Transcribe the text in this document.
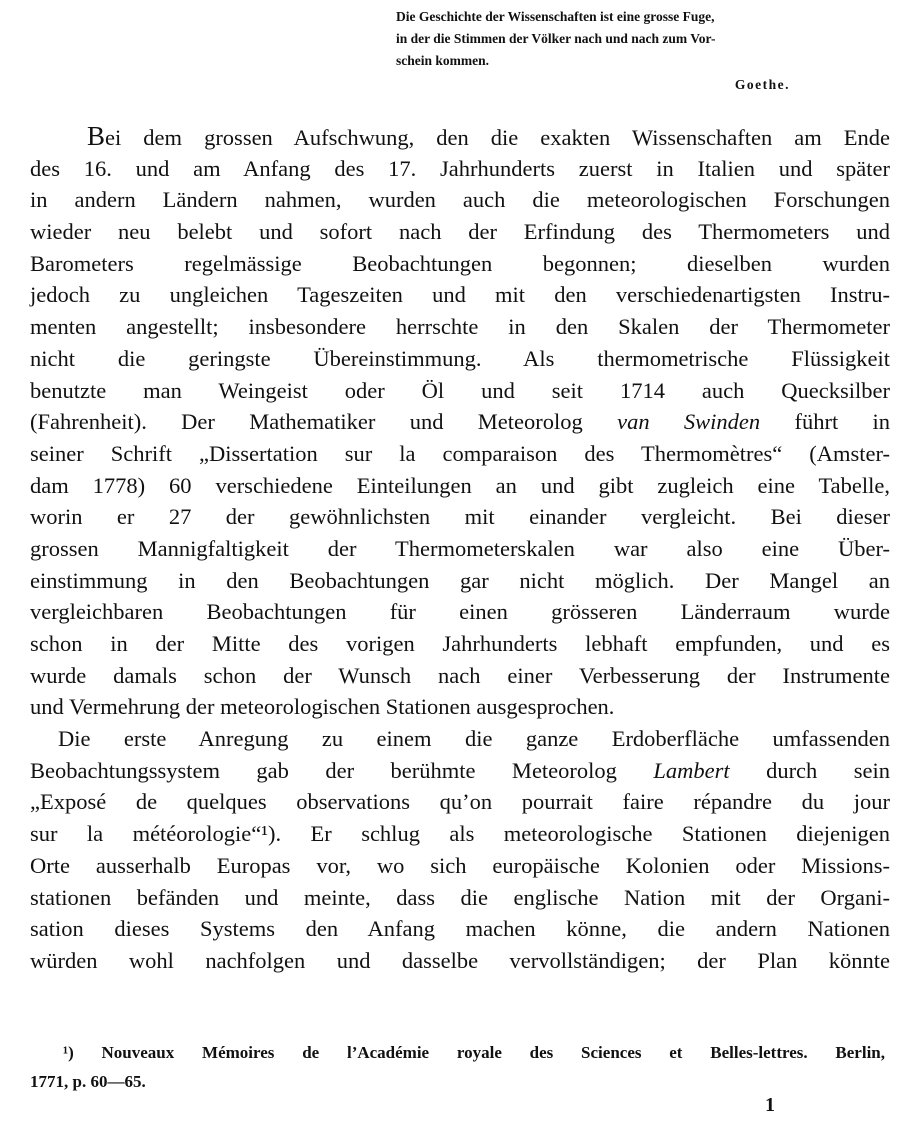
Die Geschichte der Wissenschaften ist eine grosse Fuge,
in der die Stimmen der Völker nach und nach zum Vor-
schein kommen.
Goethe.
Bei dem grossen Aufschwung, den die exakten Wissenschaften am Ende
des 16. und am Anfang des 17. Jahrhunderts zuerst in Italien und später
in andern Ländern nahmen, wurden auch die meteorologischen Forschungen
wieder neu belebt und sofort nach der Erfindung des Thermometers und
Barometers regelmässige Beobachtungen begonnen; dieselben wurden
jedoch zu ungleichen Tageszeiten und mit den verschiedenartigsten Instru-
menten angestellt; insbesondere herrschte in den Skalen der Thermometer
nicht die geringste Übereinstimmung. Als thermometrische Flüssigkeit
benutzte man Weingeist oder Öl und seit 1714 auch Quecksilber
(Fahrenheit). Der Mathematiker und Meteorolog van Swinden führt in
seiner Schrift „Dissertation sur la comparaison des Thermomètres“ (Amster-
dam 1778) 60 verschiedene Einteilungen an und gibt zugleich eine Tabelle,
worin er 27 der gewöhnlichsten mit einander vergleicht. Bei dieser
grossen Mannigfaltigkeit der Thermometerskalen war also eine Über-
einstimmung in den Beobachtungen gar nicht möglich. Der Mangel an
vergleichbaren Beobachtungen für einen grösseren Länderraum wurde
schon in der Mitte des vorigen Jahrhunderts lebhaft empfunden, und es
wurde damals schon der Wunsch nach einer Verbesserung der Instrumente
und Vermehrung der meteorologischen Stationen ausgesprochen.
Die erste Anregung zu einem die ganze Erdoberfläche umfassenden
Beobachtungssystem gab der berühmte Meteorolog Lambert durch sein
„Exposé de quelques observations qu’on pourrait faire répandre du jour
sur la météorologie“¹). Er schlug als meteorologische Stationen diejenigen
Orte ausserhalb Europas vor, wo sich europäische Kolonien oder Missions-
stationen befänden und meinte, dass die englische Nation mit der Organi-
sation dieses Systems den Anfang machen könne, die andern Nationen
würden wohl nachfolgen und dasselbe vervollständigen; der Plan könnte
¹) Nouveaux Mémoires de l’Académie royale des Sciences et Belles-lettres. Berlin,
1771, p. 60—65.
1
